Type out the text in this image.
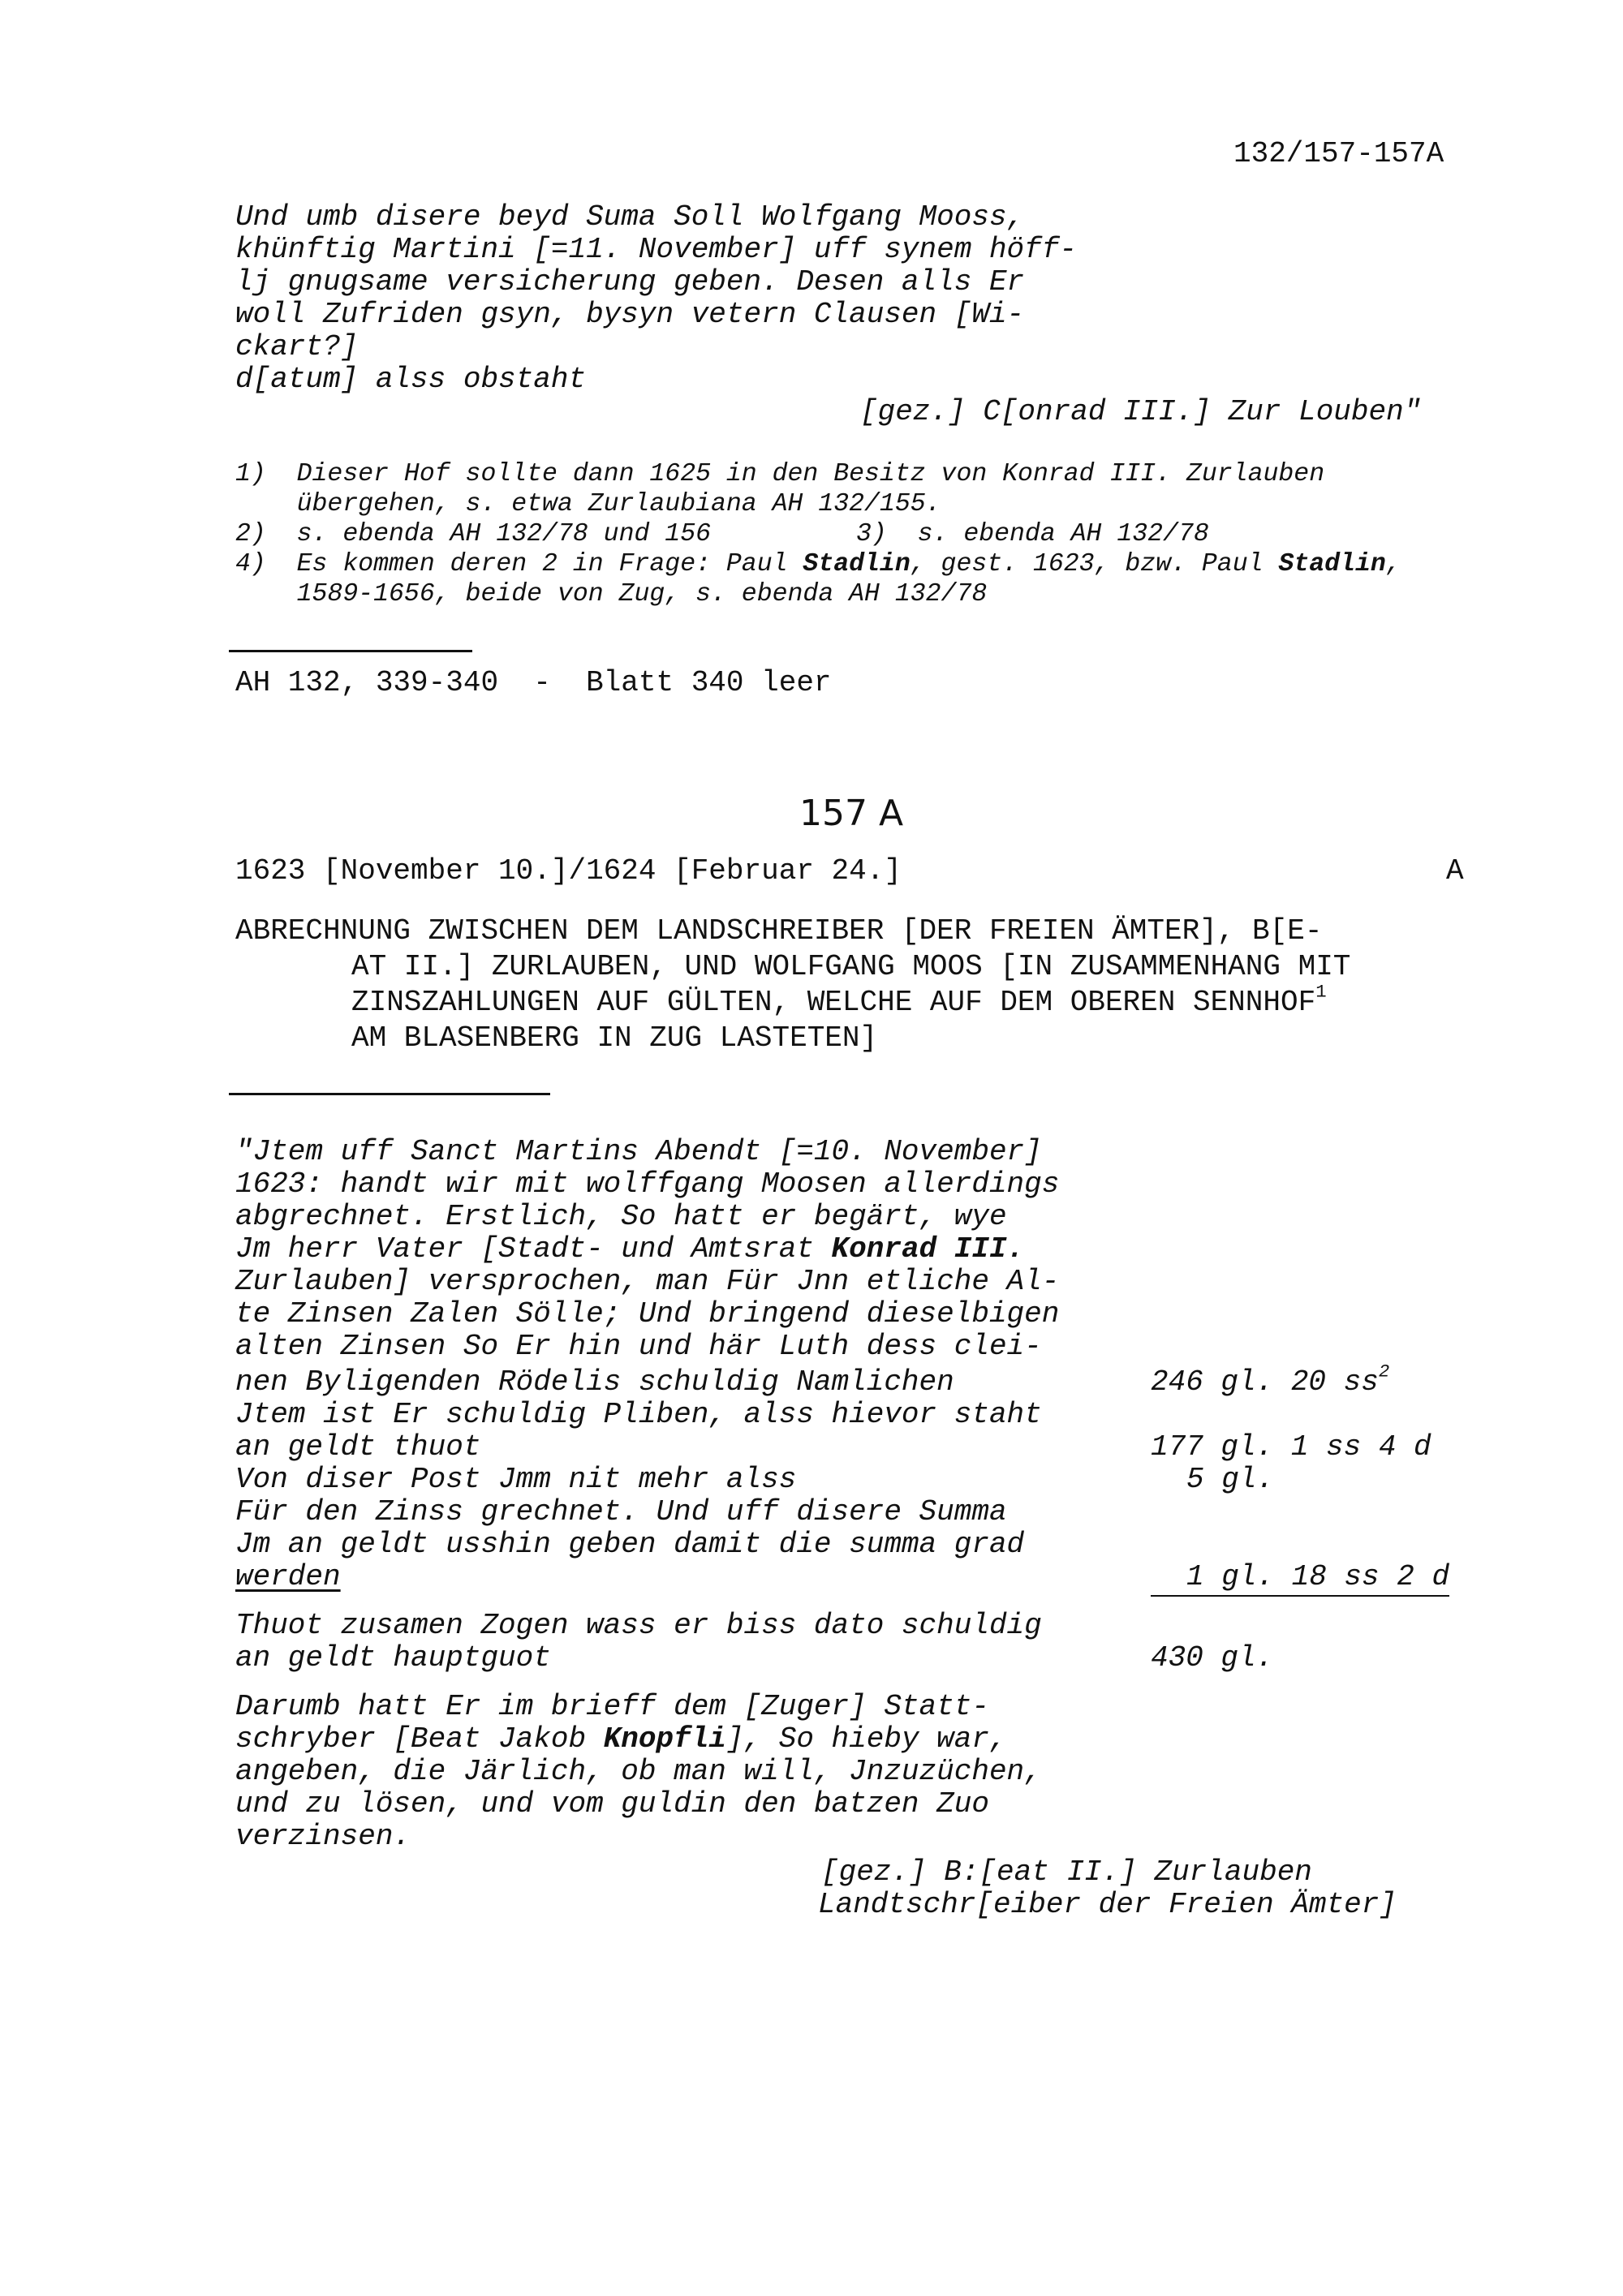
132/157-157A
Und umb disere beyd Suma Soll Wolfgang Mooss,
khünftig Martini [=11. November] uff synem höff-
lj gnugsame versicherung geben. Desen alls Er
woll Zufriden gsyn, bysyn vetern Clausen [Wi-
ckart?]
d[atum] alss obstaht
[gez.] C[onrad III.] Zur Louben"
1)  Dieser Hof sollte dann 1625 in den Besitz von Konrad III. Zurlauben
übergehen, s. etwa Zurlaubiana AH 132/155.
2)  s. ebenda AH 132/78 und 156	3)  s. ebenda AH 132/78
4)  Es kommen deren 2 in Frage: Paul Stadlin, gest. 1623, bzw. Paul Stadlin,
1589-1656, beide von Zug, s. ebenda AH 132/78
AH 132, 339-340  -  Blatt 340 leer
157 A
1623 [November 10.]/1624 [Februar 24.]	A
ABRECHNUNG ZWISCHEN DEM LANDSCHREIBER [DER FREIEN ÄMTER], B[E-
AT II.] ZURLAUBEN, UND WOLFGANG MOOS [IN ZUSAMMENHANG MIT
ZINSZAHLUNGEN AUF GÜLTEN, WELCHE AUF DEM OBEREN SENNHOF$^1$
AM BLASENBERG IN ZUG LASTETEN]
"Jtem uff Sanct Martins Abendt [=10. November]
1623: handt wir mit wolffgang Moosen allerdings
abgrechnet. Erstlich, So hatt er begärt, wye
Jm herr Vater [Stadt- und Amtsrat Konrad III.
Zurlauben] versprochen, man Für Jnn etliche Al-
te Zinsen Zalen Sölle; Und bringend dieselbigen
alten Zinsen So Er hin und här Luth dess clei-
nen Byligenden Rödelis schuldig Namlichen	246 gl. 20 $ss^2$
Jtem ist Er schuldig Pliben, alss hievor staht
an geldt thuot	177 gl. 1 ss 4 d
Von diser Post Jmm nit mehr alss	5 gl.
Für den Zinss grechnet. Und uff disere Summa
Jm an geldt usshin geben damit die summa grad
werden	1 gl. 18 ss 2 d
Thuot zusamen Zogen wass er biss dato schuldig
an geldt hauptguot	430 gl.
Darumb hatt Er im brieff dem [Zuger] Statt-
schryber [Beat Jakob Knopfli], So hieby war,
angeben, die Järlich, ob man will, Jnzuzüchen,
und zu lösen, und vom guldin den batzen Zuo
verzinsen.
[gez.] B:[eat II.] Zurlauben
Landtschr[eiber der Freien Ämter]
